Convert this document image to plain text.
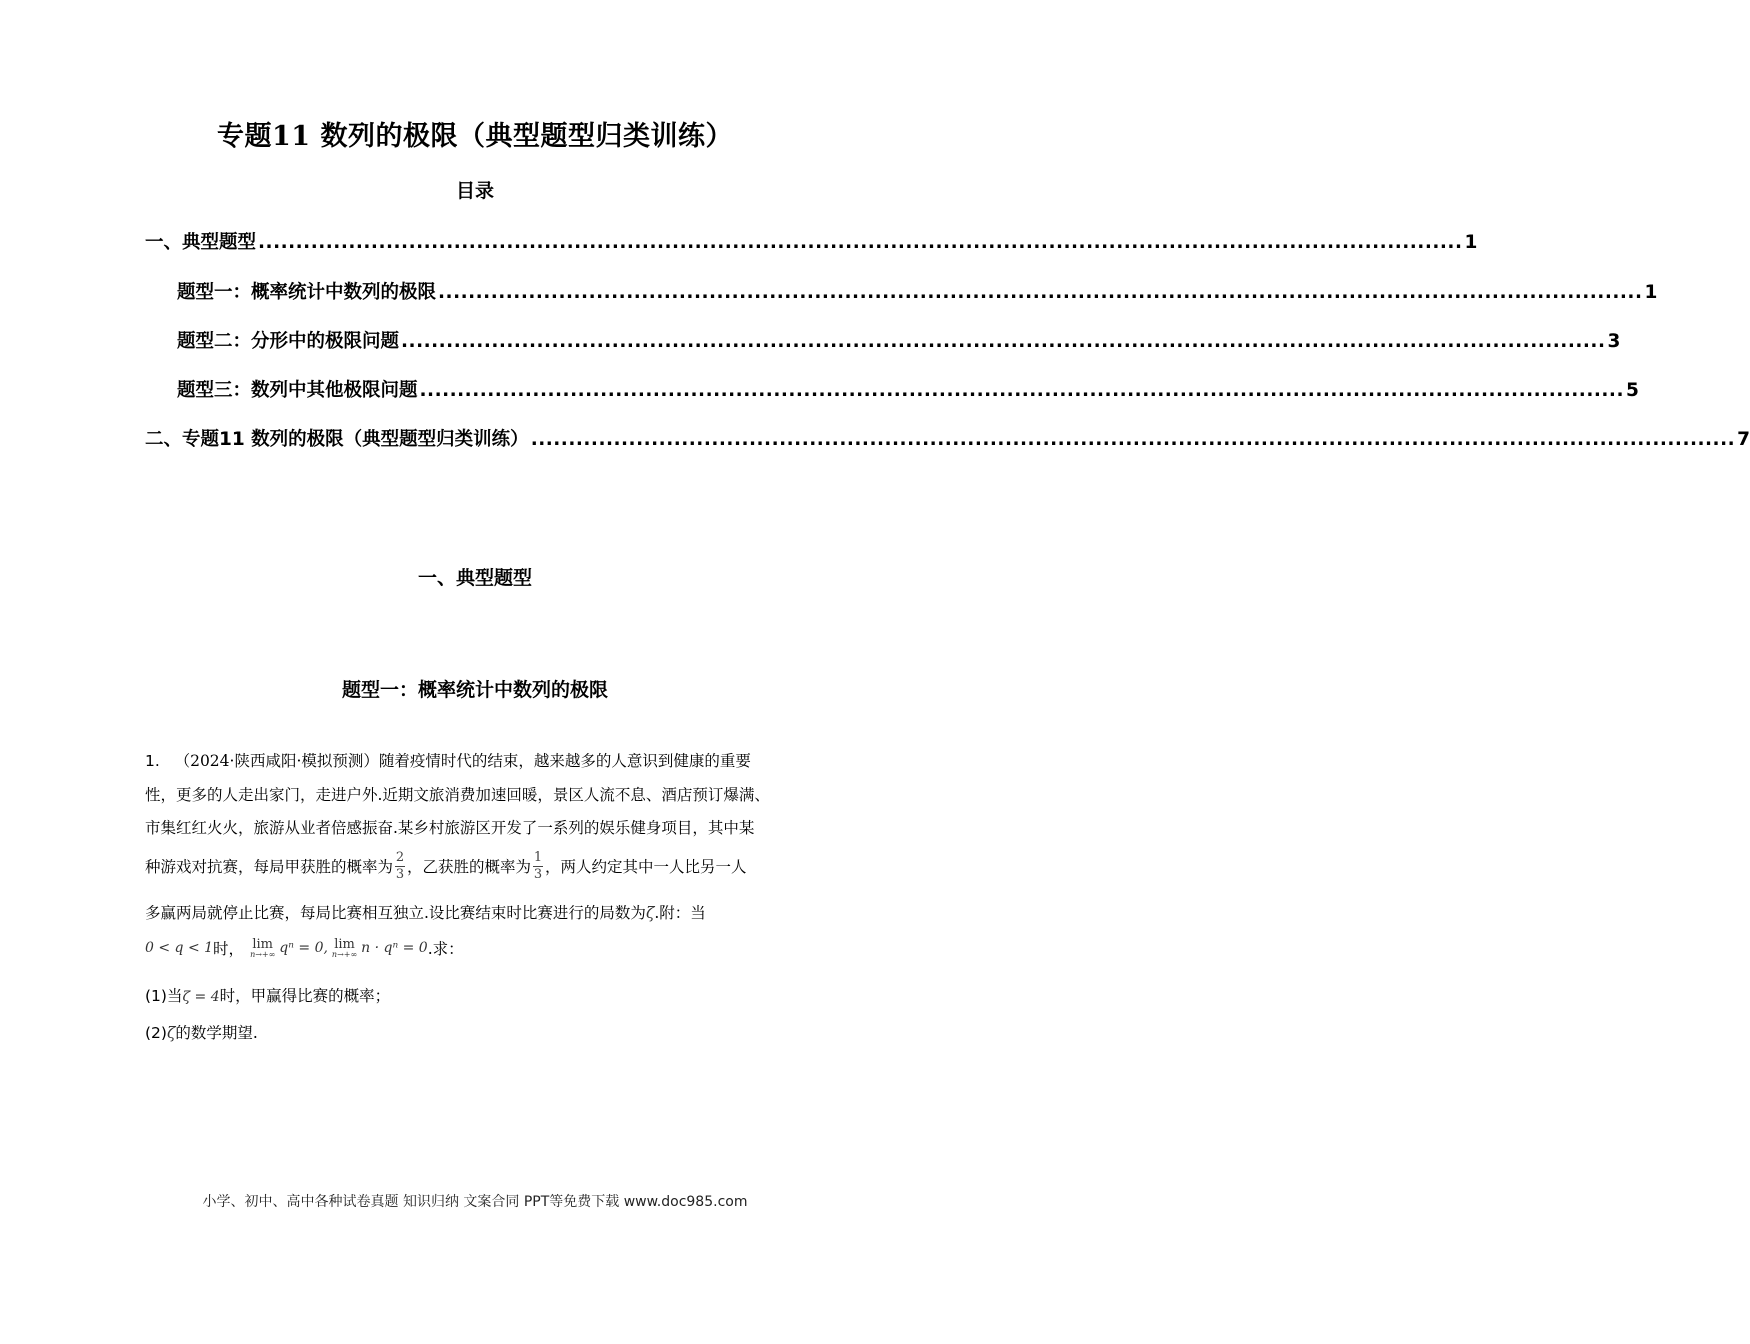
专题11 数列的极限（典型题型归类训练）
目录
一、典型题型 ................................................................................................................................................................ 1
题型一：概率统计中数列的极限 ................................................................................................................................................................ 1
题型二：分形中的极限问题 ................................................................................................................................................................ 3
题型三：数列中其他极限问题 ................................................................................................................................................................ 5
二、专题11 数列的极限（典型题型归类训练） ................................................................................................................................................................ 7
一、典型题型
题型一：概率统计中数列的极限
1. （2024·陕西咸阳·模拟预测）随着疫情时代的结束，越来越多的人意识到健康的重要
性，更多的人走出家门，走进户外.近期文旅消费加速回暖，景区人流不息、酒店预订爆满、
市集红红火火，旅游从业者倍感振奋.某乡村旅游区开发了一系列的娱乐健身项目，其中某
种游戏对抗赛，每局甲获胜的概率为 $\frac{2}{3}$ ，乙获胜的概率为 $\frac{1}{3}$ ，两人约定其中一人比另一人
多赢两局就停止比赛，每局比赛相互独立.设比赛结束时比赛进行的局数为ζ.附：当
0 < q < 1 时， lim
n→+∞ qⁿ = 0, lim
n→+∞ n · qⁿ = 0 .求：
(1)当ζ = 4时，甲赢得比赛的概率；
(2)ζ的数学期望.
小学、初中、高中各种试卷真题 知识归纳 文案合同 PPT等免费下载 www.doc985.com
